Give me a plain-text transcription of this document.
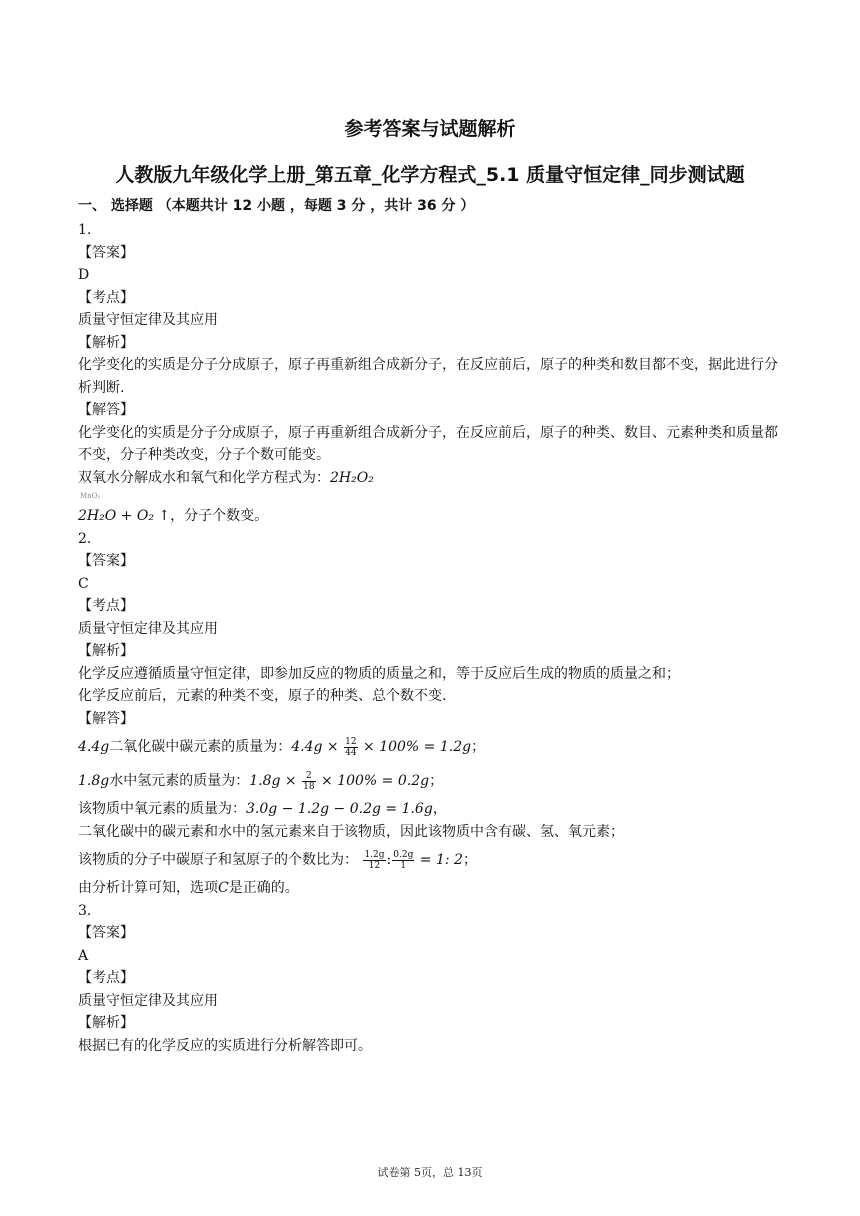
参考答案与试题解析
人教版九年级化学上册_第五章_化学方程式_5.1 质量守恒定律_同步测试题
一、 选择题 （本题共计 12 小题 ，每题 3 分 ，共计 36 分 ）
1.
【答案】
D
【考点】
质量守恒定律及其应用
【解析】
化学变化的实质是分子分成原子，原子再重新组合成新分子，在反应前后，原子的种类和数目都不变，据此进行分析判断.
【解答】
化学变化的实质是分子分成原子，原子再重新组合成新分子，在反应前后，原子的种类、数目、元素种类和质量都不变，分子种类改变，分子个数可能变。
双氧水分解成水和氧气和化学方程式为：2H₂O₂
MnO₂
2H₂O + O₂ ↑，分子个数变。
2.
【答案】
C
【考点】
质量守恒定律及其应用
【解析】
化学反应遵循质量守恒定律，即参加反应的物质的质量之和，等于反应后生成的物质的质量之和；
化学反应前后，元素的种类不变，原子的种类、总个数不变.
【解答】
4.4g二氧化碳中碳元素的质量为：$4.4g \times \frac{12}{44} \times 100\% = 1.2g$；
1.8g水中氢元素的质量为：$1.8g \times \frac{2}{18} \times 100\% = 0.2g$；
该物质中氧元素的质量为：3.0g − 1.2g − 0.2g = 1.6g，
二氧化碳中的碳元素和水中的氢元素来自于该物质，因此该物质中含有碳、氢、氧元素；
该物质的分子中碳原子和氢原子的个数比为： $\frac{1.2g}{12}$ : $\frac{0.2g}{1} = 1$: 2；
由分析计算可知，选项C是正确的。
3.
【答案】
A
【考点】
质量守恒定律及其应用
【解析】
根据已有的化学反应的实质进行分析解答即可。
试卷第 5页，总 13页
